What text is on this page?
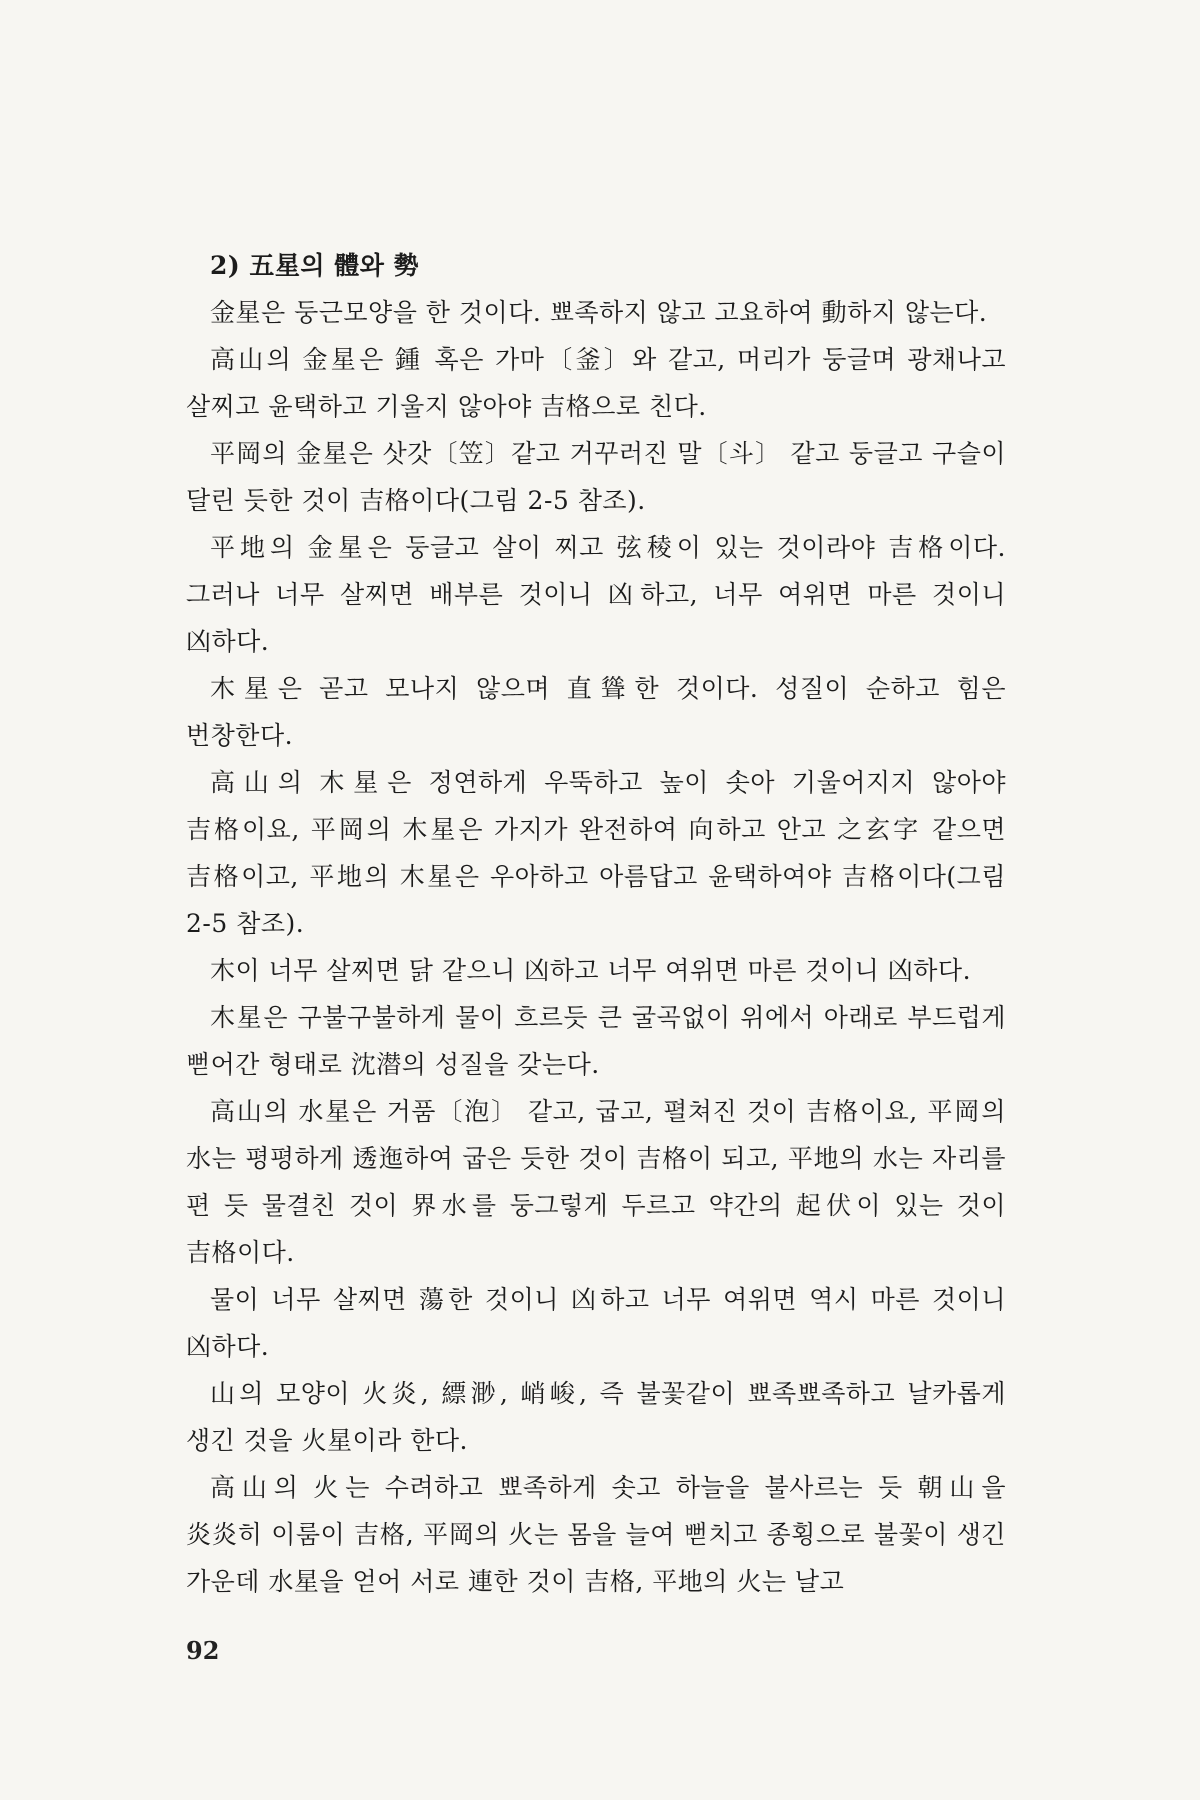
2) 五星의 體와 勢

金星은 둥근모양을 한 것이다. 뾰족하지 않고 고요하여 動하지 않는다.

高山의 金星은 鍾 혹은 가마〔釜〕와 같고, 머리가 둥글며 광채나고 살찌고 윤택하고 기울지 않아야 吉格으로 친다.

平岡의 金星은 삿갓〔笠〕같고 거꾸러진 말〔斗〕 같고 둥글고 구슬이 달린 듯한 것이 吉格이다(그림 2-5 참조).

平地의 金星은 둥글고 살이 찌고 弦稜이 있는 것이라야 吉格이다. 그러나 너무 살찌면 배부른 것이니 凶하고, 너무 여위면 마른 것이니 凶하다.

木星은 곧고 모나지 않으며 直聳한 것이다. 성질이 순하고 힘은 번창한다.

高山의 木星은 정연하게 우뚝하고 높이 솟아 기울어지지 않아야 吉格이요, 平岡의 木星은 가지가 완전하여 向하고 안고 之玄字 같으면 吉格이고, 平地의 木星은 우아하고 아름답고 윤택하여야 吉格이다(그림 2-5 참조).

木이 너무 살찌면 닭 같으니 凶하고 너무 여위면 마른 것이니 凶하다.

木星은 구불구불하게 물이 흐르듯 큰 굴곡없이 위에서 아래로 부드럽게 뻗어간 형태로 沈潜의 성질을 갖는다.

高山의 水星은 거품〔泡〕 같고, 굽고, 펼쳐진 것이 吉格이요, 平岡의 水는 평평하게 透迤하여 굽은 듯한 것이 吉格이 되고, 平地의 水는 자리를 편 듯 물결친 것이 界水를 둥그렇게 두르고 약간의 起伏이 있는 것이 吉格이다.

물이 너무 살찌면 蕩한 것이니 凶하고 너무 여위면 역시 마른 것이니 凶하다.

山의 모양이 火炎, 縹渺, 峭峻, 즉 불꽃같이 뾰족뾰족하고 날카롭게 생긴 것을 火星이라 한다.

高山의 火는 수려하고 뾰족하게 솟고 하늘을 불사르는 듯 朝山을 炎炎히 이룸이 吉格, 平岡의 火는 몸을 늘여 뻗치고 종횡으로 불꽃이 생긴 가운데 水星을 얻어 서로 連한 것이 吉格, 平地의 火는 날고

92
